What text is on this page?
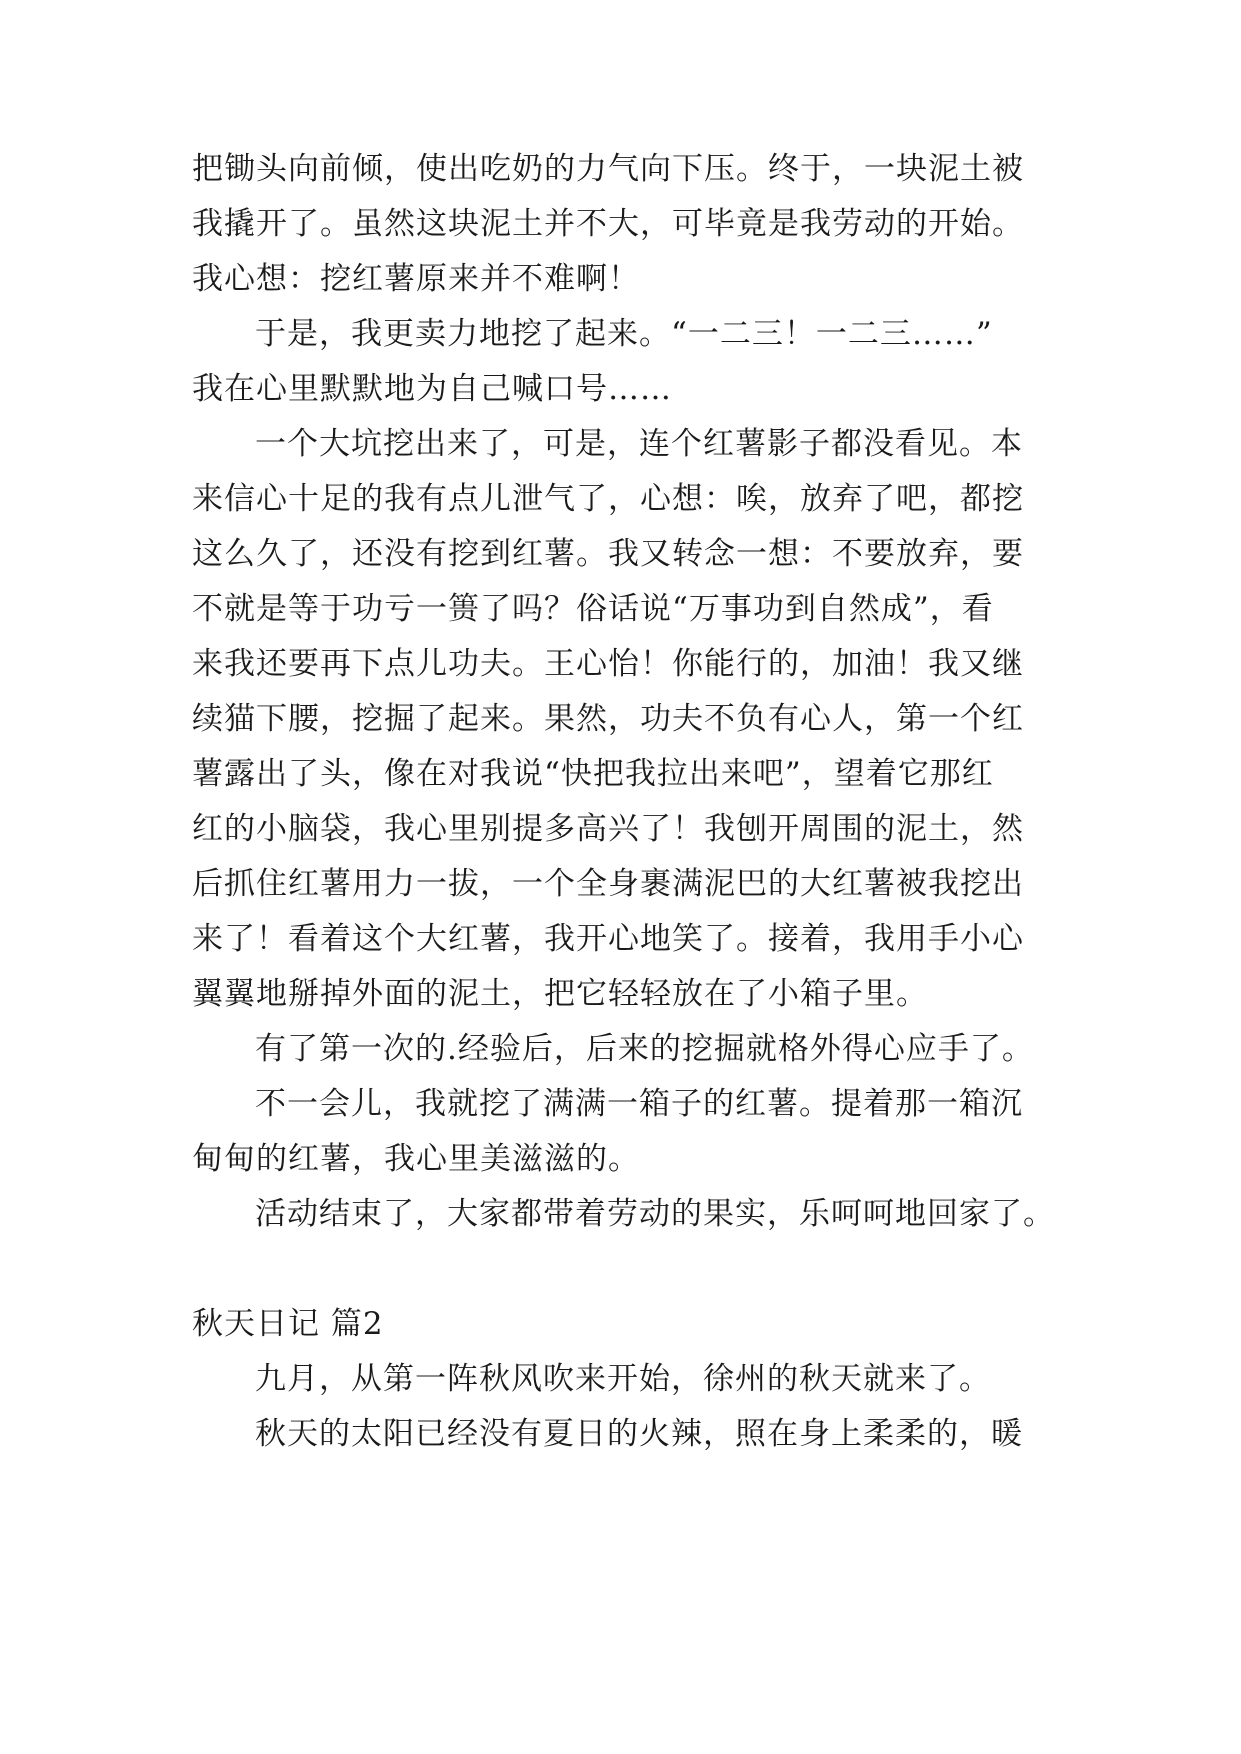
把锄头向前倾，使出吃奶的力气向下压。终于，一块泥土被
我撬开了。虽然这块泥土并不大，可毕竟是我劳动的开始。
我心想：挖红薯原来并不难啊！
于是，我更卖力地挖了起来。“一二三！一二三……”
我在心里默默地为自己喊口号……
一个大坑挖出来了，可是，连个红薯影子都没看见。本
来信心十足的我有点儿泄气了，心想：唉，放弃了吧，都挖
这么久了，还没有挖到红薯。我又转念一想：不要放弃，要
不就是等于功亏一篑了吗？俗话说“万事功到自然成”，看
来我还要再下点儿功夫。王心怡！你能行的，加油！我又继
续猫下腰，挖掘了起来。果然，功夫不负有心人，第一个红
薯露出了头，像在对我说“快把我拉出来吧”，望着它那红
红的小脑袋，我心里别提多高兴了！我刨开周围的泥土，然
后抓住红薯用力一拔，一个全身裹满泥巴的大红薯被我挖出
来了！看着这个大红薯，我开心地笑了。接着，我用手小心
翼翼地掰掉外面的泥土，把它轻轻放在了小箱子里。
有了第一次的.经验后，后来的挖掘就格外得心应手了。
不一会儿，我就挖了满满一箱子的红薯。提着那一箱沉
甸甸的红薯，我心里美滋滋的。
活动结束了，大家都带着劳动的果实，乐呵呵地回家了。
秋天日记 篇2
九月，从第一阵秋风吹来开始，徐州的秋天就来了。
秋天的太阳已经没有夏日的火辣，照在身上柔柔的，暖
